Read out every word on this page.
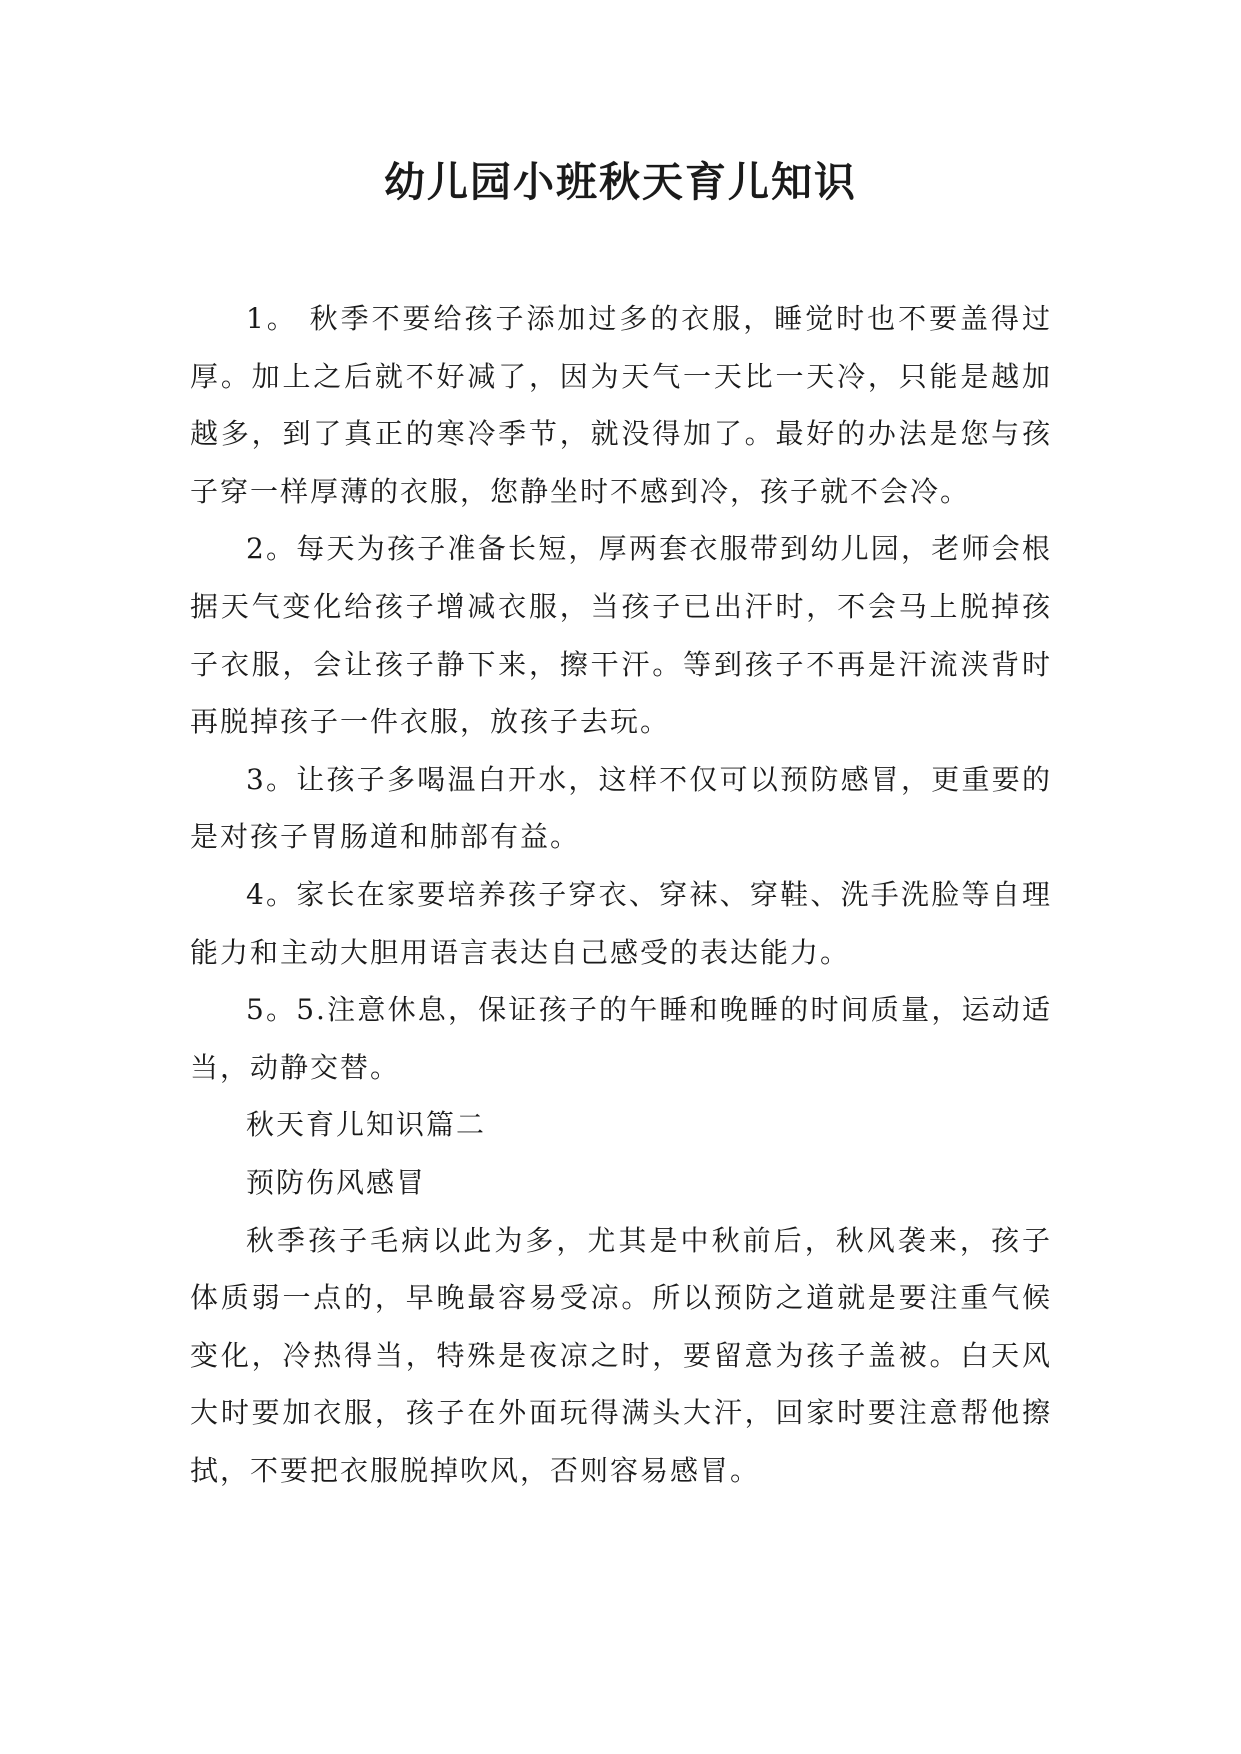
幼儿园小班秋天育儿知识

1。 秋季不要给孩子添加过多的衣服，睡觉时也不要盖得过厚。加上之后就不好减了，因为天气一天比一天冷，只能是越加越多，到了真正的寒冷季节，就没得加了。最好的办法是您与孩子穿一样厚薄的衣服，您静坐时不感到冷，孩子就不会冷。

2。每天为孩子准备长短，厚两套衣服带到幼儿园，老师会根据天气变化给孩子增减衣服，当孩子已出汗时，不会马上脱掉孩子衣服，会让孩子静下来，擦干汗。等到孩子不再是汗流浃背时再脱掉孩子一件衣服，放孩子去玩。

3。让孩子多喝温白开水，这样不仅可以预防感冒，更重要的是对孩子胃肠道和肺部有益。

4。家长在家要培养孩子穿衣、穿袜、穿鞋、洗手洗脸等自理能力和主动大胆用语言表达自己感受的表达能力。

5。5.注意休息，保证孩子的午睡和晚睡的时间质量，运动适当，动静交替。

秋天育儿知识篇二

预防伤风感冒

秋季孩子毛病以此为多，尤其是中秋前后，秋风袭来，孩子体质弱一点的，早晚最容易受凉。所以预防之道就是要注重气候变化，冷热得当，特殊是夜凉之时，要留意为孩子盖被。白天风大时要加衣服，孩子在外面玩得满头大汗，回家时要注意帮他擦拭，不要把衣服脱掉吹风，否则容易感冒。
